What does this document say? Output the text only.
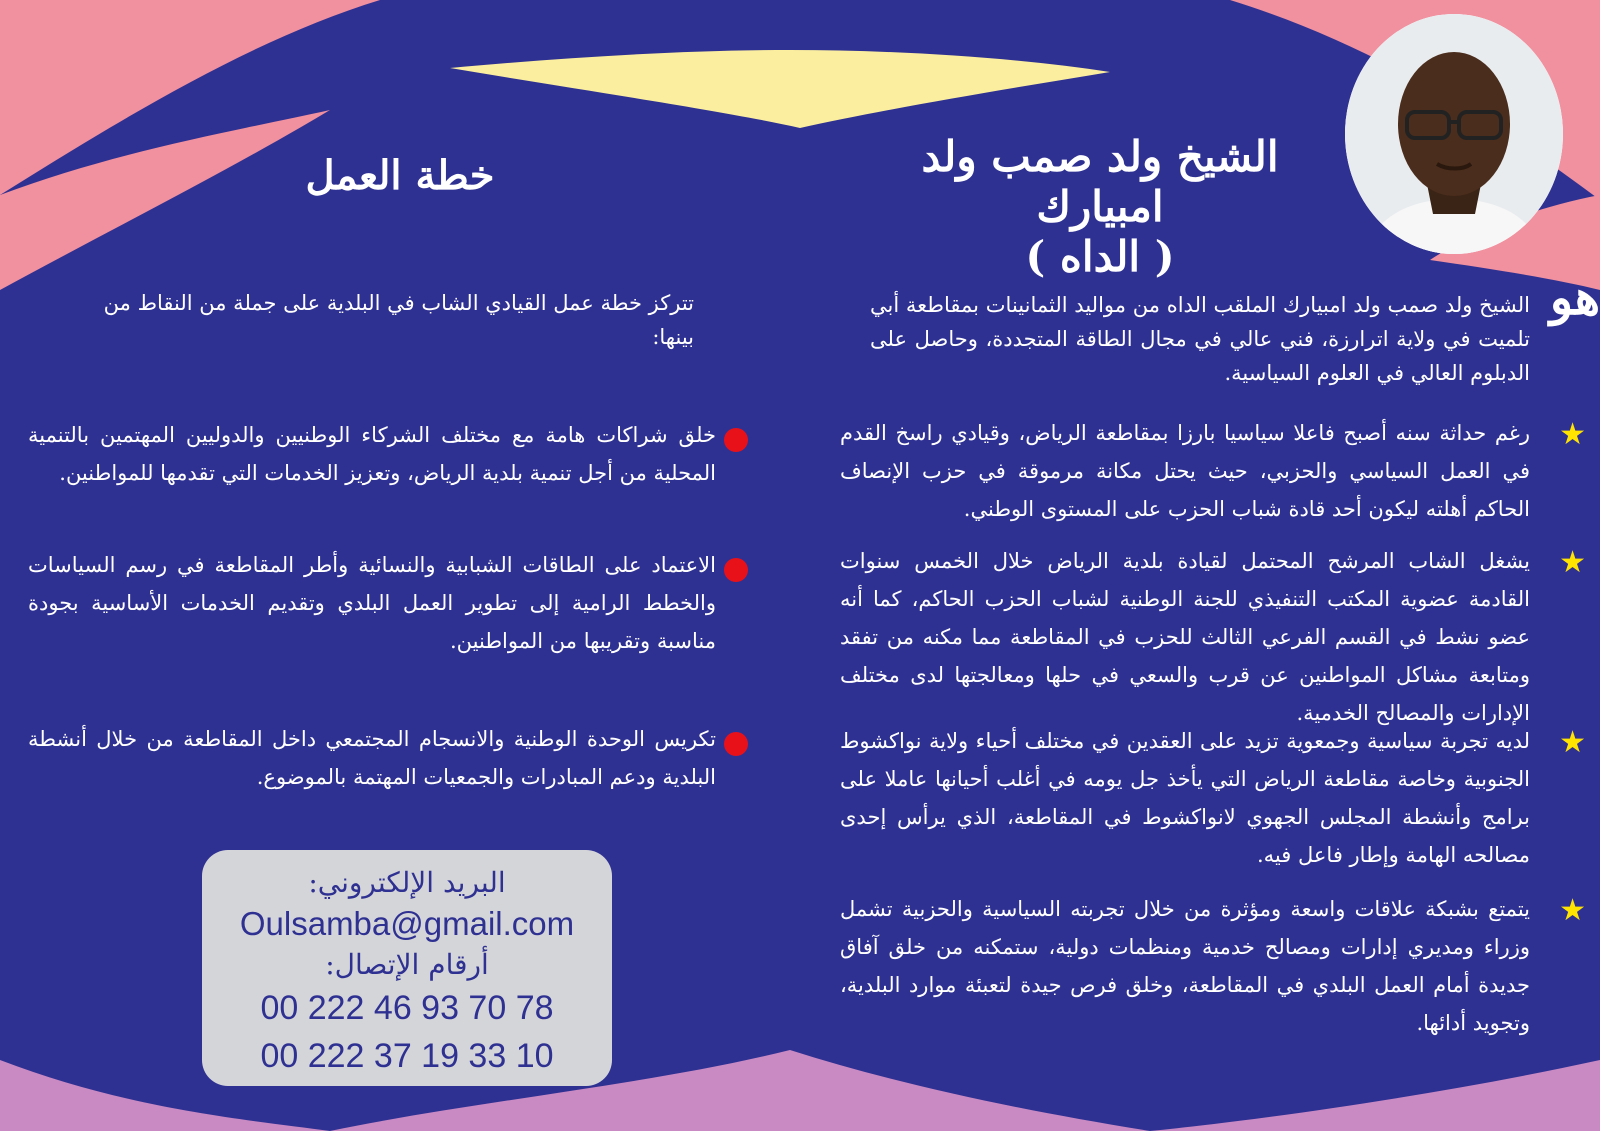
الشيخ ولد صمب ولد امبيارك
( الداه )
خطة العمل
هو
الشيخ ولد صمب ولد امبيارك الملقب الداه من مواليد الثمانينات بمقاطعة أبي تلميت في ولاية اترارزة، فني عالي في مجال الطاقة المتجددة، وحاصل على الدبلوم العالي في العلوم السياسية.
★
رغم حداثة سنه أصبح فاعلا سياسيا بارزا بمقاطعة الرياض، وقيادي راسخ القدم في العمل السياسي والحزبي، حيث يحتل مكانة مرموقة في حزب الإنصاف الحاكم أهلته ليكون أحد قادة شباب الحزب على المستوى الوطني.
★
يشغل الشاب المرشح المحتمل لقيادة بلدية الرياض خلال الخمس سنوات القادمة عضوية المكتب التنفيذي للجنة الوطنية لشباب الحزب الحاكم، كما أنه عضو نشط في القسم الفرعي الثالث للحزب في المقاطعة مما مكنه من تفقد ومتابعة مشاكل المواطنين عن قرب والسعي في حلها ومعالجتها لدى مختلف الإدارات والمصالح الخدمية.
★
لديه تجربة سياسية وجمعوية تزيد على العقدين في مختلف أحياء ولاية نواكشوط الجنوبية وخاصة مقاطعة الرياض التي يأخذ جل يومه في أغلب أحيانها عاملا على برامج وأنشطة المجلس الجهوي لانواكشوط في المقاطعة، الذي يرأس إحدى مصالحه الهامة وإطار فاعل فيه.
★
يتمتع بشبكة علاقات واسعة ومؤثرة من خلال تجربته السياسية والحزبية تشمل وزراء ومديري إدارات ومصالح خدمية ومنظمات دولية، ستمكنه من خلق آفاق جديدة أمام العمل البلدي في المقاطعة، وخلق فرص جيدة لتعبئة موارد البلدية، وتجويد أدائها.
تتركز خطة عمل القيادي الشاب في البلدية على جملة من النقاط من بينها:
خلق شراكات هامة مع مختلف الشركاء الوطنيين والدوليين المهتمين بالتنمية المحلية من أجل تنمية بلدية الرياض، وتعزيز الخدمات التي تقدمها للمواطنين.
الاعتماد على الطاقات الشبابية والنسائية وأطر المقاطعة في رسم السياسات والخطط الرامية إلى تطوير العمل البلدي وتقديم الخدمات الأساسية بجودة مناسبة وتقريبها من المواطنين.
تكريس الوحدة الوطنية والانسجام المجتمعي داخل المقاطعة من خلال أنشطة البلدية ودعم المبادرات والجمعيات المهتمة بالموضوع.
البريد الإلكتروني:
Oulsamba@gmail.com
أرقام الإتصال:
00 222 46 93 70 78
00 222 37 19 33 10
